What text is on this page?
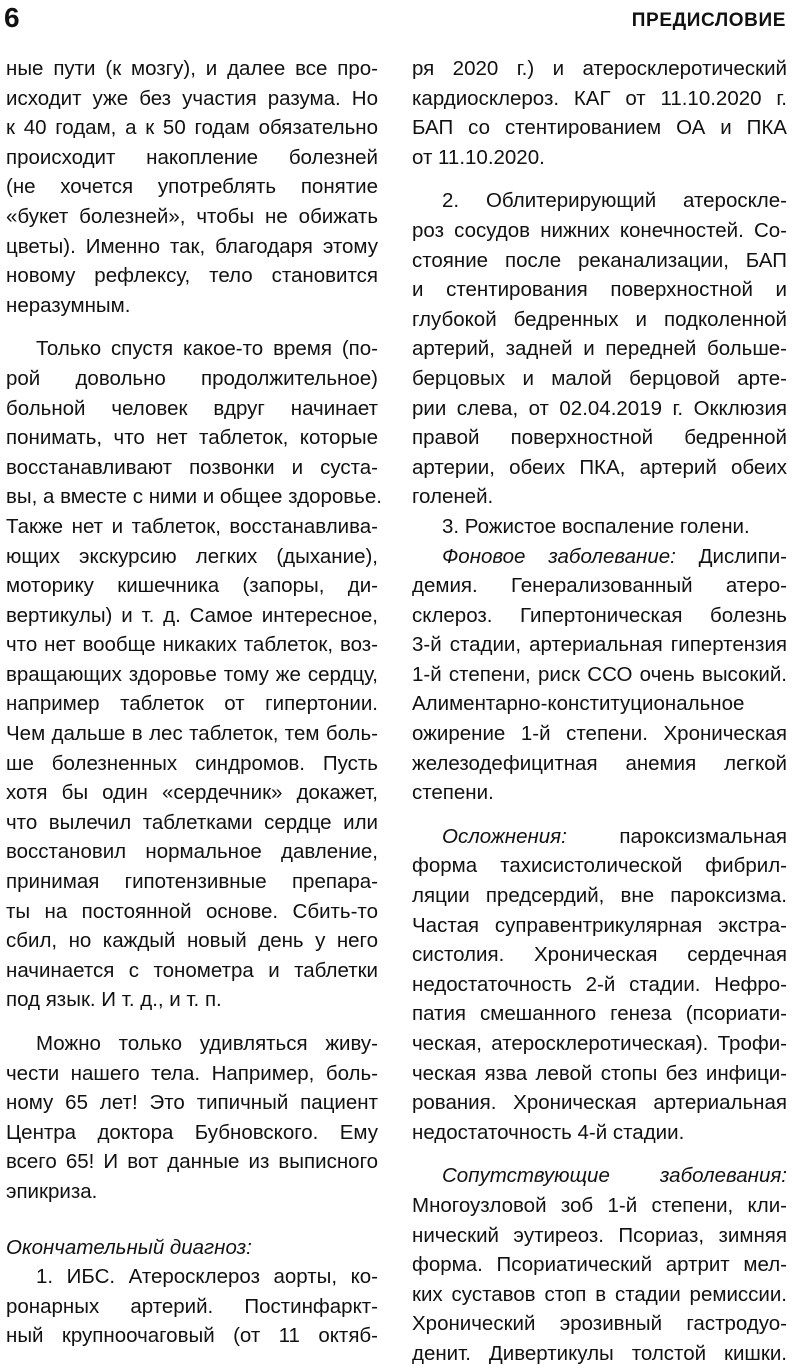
6	ПРЕДИСЛОВИЕ
ные пути (к мозгу), и далее все про-
исходит уже без участия разума. Но
к 40 годам, а к 50 годам обязательно
происходит накопление болезней
(не хочется употреблять понятие
«букет болезней», чтобы не обижать
цветы). Именно так, благодаря этому
новому рефлексу, тело становится
неразумным.
Только спустя какое-то время (по-
рой довольно продолжительное)
больной человек вдруг начинает
понимать, что нет таблеток, которые
восстанавливают позвонки и суста-
вы, а вместе с ними и общее здоровье.
Также нет и таблеток, восстанавлива-
ющих экскурсию легких (дыхание),
моторику кишечника (запоры, ди-
вертикулы) и т. д. Самое интересное,
что нет вообще никаких таблеток, воз-
вращающих здоровье тому же сердцу,
например таблеток от гипертонии.
Чем дальше в лес таблеток, тем боль-
ше болезненных синдромов. Пусть
хотя бы один «сердечник» докажет,
что вылечил таблетками сердце или
восстановил нормальное давление,
принимая гипотензивные препара-
ты на постоянной основе. Сбить-то
сбил, но каждый новый день у него
начинается с тонометра и таблетки
под язык. И т. д., и т. п.
Можно только удивляться живу-
чести нашего тела. Например, боль-
ному 65 лет! Это типичный пациент
Центра доктора Бубновского. Ему
всего 65! И вот данные из выписного
эпикриза.
Окончательный диагноз:
1. ИБС. Атеросклероз аорты, ко-
ронарных артерий. Постинфаркт-
ный крупноочаговый (от 11 октяб-
ря 2020 г.) и атеросклеротический
кардиосклероз. КАГ от 11.10.2020 г.
БАП со стентированием ОА и ПКА
от 11.10.2020.
2. Облитерирующий атероскле-
роз сосудов нижних конечностей. Со-
стояние после реканализации, БАП
и стентирования поверхностной и
глубокой бедренных и подколенной
артерий, задней и передней больше-
берцовых и малой берцовой арте-
рии слева, от 02.04.2019 г. Окклюзия
правой поверхностной бедренной
артерии, обеих ПКА, артерий обеих
голеней.
3. Рожистое воспаление голени.
Фоновое заболевание: Дислипи-
демия. Генерализованный атеро-
склероз. Гипертоническая болезнь
3-й стадии, артериальная гипертензия
1-й степени, риск ССО очень высокий.
Алиментарно-конституциональное
ожирение 1-й степени. Хроническая
железодефицитная анемия легкой
степени.
Осложнения:	пароксизмальная
форма тахисистолической фибрил-
ляции предсердий, вне пароксизма.
Частая суправентрикулярная экстра-
систолия. Хроническая сердечная
недостаточность 2-й стадии. Нефро-
патия смешанного генеза (псориати-
ческая, атеросклеротическая). Трофи-
ческая язва левой стопы без инфици-
рования. Хроническая артериальная
недостаточность 4-й стадии.
Сопутствующие заболевания:
Многоузловой зоб 1-й степени, кли-
нический эутиреоз. Псориаз, зимняя
форма. Псориатический артрит мел-
ких суставов стоп в стадии ремиссии.
Хронический эрозивный гастродуо-
денит. Дивертикулы толстой кишки.
